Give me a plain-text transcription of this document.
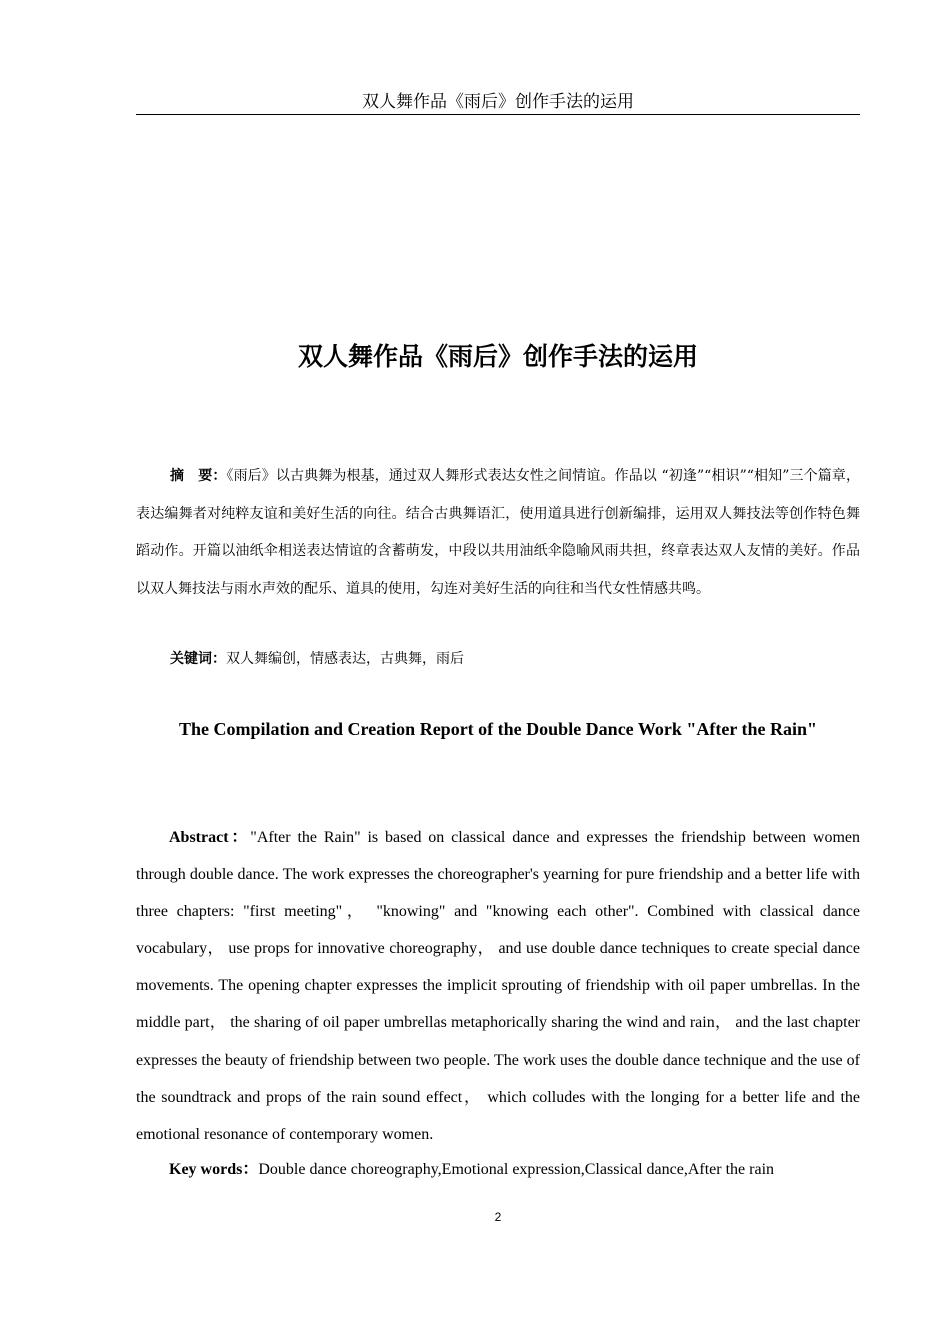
双人舞作品《雨后》创作手法的运用
双人舞作品《雨后》创作手法的运用

摘　要：《雨后》以古典舞为根基，通过双人舞形式表达女性之间情谊。作品以 “初逢”“相识”“相知”三个篇章，表达编舞者对纯粹友谊和美好生活的向往。结合古典舞语汇，使用道具进行创新编排，运用双人舞技法等创作特色舞蹈动作。开篇以油纸伞相送表达情谊的含蓄萌发，中段以共用油纸伞隐喻风雨共担，终章表达双人友情的美好。作品以双人舞技法与雨水声效的配乐、道具的使用，勾连对美好生活的向往和当代女性情感共鸣。

关键词：双人舞编创，情感表达，古典舞，雨后

The Compilation and Creation Report of the Double Dance Work "After the Rain"

Abstract："After the Rain" is based on classical dance and expresses the friendship between women through double dance. The work expresses the choreographer's yearning for pure friendship and a better life with three chapters: "first meeting"， "knowing" and "knowing each other". Combined with classical dance vocabulary， use props for innovative choreography， and use double dance techniques to create special dance movements. The opening chapter expresses the implicit sprouting of friendship with oil paper umbrellas. In the middle part， the sharing of oil paper umbrellas metaphorically sharing the wind and rain， and the last chapter expresses the beauty of friendship between two people. The work uses the double dance technique and the use of the soundtrack and props of the rain sound effect， which colludes with the longing for a better life and the emotional resonance of contemporary women.

Key words：Double dance choreography,Emotional expression,Classical dance,After the rain

2
